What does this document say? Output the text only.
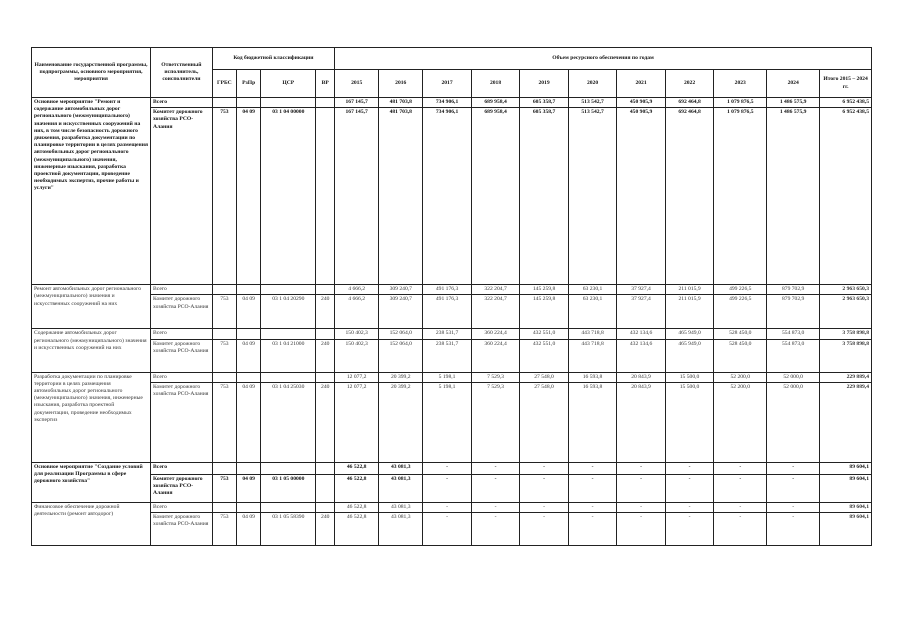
Наименование государственной программы, подпрограммы, основного мероприятия, мероприятия	Ответственный исполнитель, соисполнители	Код бюджетной классификации				Объем ресурсного обеспечения по годам										
		ГРБС	РзПр	ЦСР	ВР	2015	2016	2017	2018	2019	2020	2021	2022	2023	2024	Итого 2015 – 2024 гг.
Основное мероприятие "Ремонт и содержание автомобильных дорог регионального (межмуниципального) значения и искусственных сооружений на них, в том числе безопасность дорожного движения, разработка документации по планировке территории в целях размещения автомобильных дорог регионального (межмуниципального) значения, инженерные изыскания, разработка проектной документации, проведение необходимых экспертиз, прочие работы и услуги"	Всего					167 145,7	481 703,8	734 906,1	689 958,4	605 358,7	513 542,7	450 905,9	692 464,8	1 079 876,5	1 486 575,9	6 952 438,5
	Комитет дорожного хозяйства РСО-Алания	753	04 09	03 1 04 00000		167 145,7	481 703,8	734 906,1	689 958,4	605 358,7	513 542,7	450 905,9	692 464,8	1 079 876,5	1 486 575,9	6 952 438,5
Ремонт автомобильных дорог регионального (межмуниципального) значения и искусственных сооружений на них	Всего					4 666,2	309 240,7	491 176,3	322 204,7	145 259,8	63 230,1	37 927,4	211 015,9	499 226,5	879 702,9	2 963 650,3
	Комитет дорожного хозяйства РСО-Алания	753	04 09	03 1 04 20290	240	4 666,2	309 240,7	491 176,3	322 204,7	145 259,8	63 230,1	37 927,4	211 015,9	499 226,5	879 702,9	2 963 650,3
Содержание автомобильных дорог регионального (межмуниципального) значения и искусственных сооружений на них	Всего					150 402,3	152 064,0	238 531,7	360 224,4	432 551,0	443 718,8	432 134,6	465 949,0	528 450,0	554 873,0	3 758 898,8
	Комитет дорожного хозяйства РСО-Алания	753	04 09	03 1 04 21000	240	150 402,3	152 064,0	238 531,7	360 224,4	432 551,0	443 718,8	432 134,6	465 949,0	528 450,0	554 873,0	3 758 898,8
Разработка документации по планировке территории в целях размещения автомобильных дорог регионального (межмуниципального) значения, инженерные изыскания, разработка проектной документации, проведение необходимых экспертиз	Всего					12 077,2	20 399,2	5 198,1	7 529,3	27 548,0	16 593,8	20 843,9	15 500,0	52 200,0	52 000,0	229 889,4
	Комитет дорожного хозяйства РСО-Алания	753	04 09	03 1 04 25030	240	12 077,2	20 399,2	5 198,1	7 529,3	27 548,0	16 593,8	20 843,9	15 500,0	52 200,0	52 000,0	229 889,4
Основное мероприятие "Создание условий для реализации Программы в сфере дорожного хозяйства"	Всего					46 522,8	43 081,3	-	-	-	-	-	-	-	-	89 604,1
	Комитет дорожного хозяйства РСО-Алания	753	04 09	03 1 05 00000		46 522,8	43 081,3	-	-	-	-	-	-	-	-	89 604,1
Финансовое обеспечение дорожной деятельности (ремонт автодорог)	Всего					46 522,8	43 081,3	-	-	-	-	-	-	-	-	89 604,1
	Комитет дорожного хозяйства РСО-Алания	753	04 09	03 1 05 58390	240	46 522,8	43 081,3	-	-	-	-	-	-	-	-	89 604,1
